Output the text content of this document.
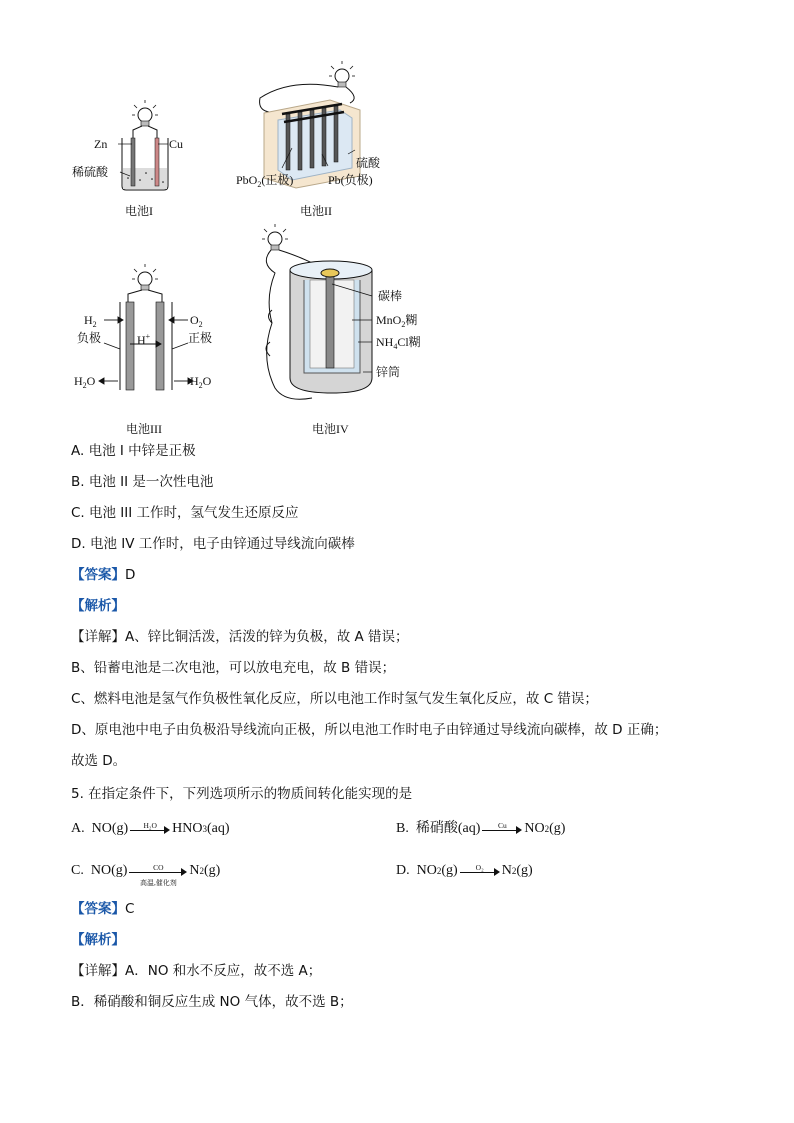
Zn	Cu
稀硫酸
电池I
硫酸
PbO$_2$(正极)	Pb(负极)
电池II
$H_2$	$O_2$
负极	正极
H+
$H_2O$	$H_2O$
电池III
碳棒
MnO$_2$糊
$NH_4Cl$糊
锌筒
电池IV
A. 电池 I 中锌是正极
B. 电池 II 是一次性电池
C. 电池 III 工作时，氢气发生还原反应
D. 电池 IV 工作时，电子由锌通过导线流向碳棒
【答案】D
【解析】
【详解】A、锌比铜活泼，活泼的锌为负极，故 A 错误；
B、铅蓄电池是二次电池，可以放电充电，故 B 错误；
C、燃料电池是氢气作负极性氧化反应，所以电池工作时氢气发生氧化反应，故 C 错误；
D、原电池中电子由负极沿导线流向正极，所以电池工作时电子由锌通过导线流向碳棒，故 D 正确；
故选 D。
5. 在指定条件下，下列选项所示的物质间转化能实现的是
A.
NO(g)	H₂O	HNO 3 (aq)	B.
稀硝酸(aq)	Cu	NO 2 (g)
C.
NO(g)	CO
高温,催化剂
N 2 (g)	D.
NO 2 (g)	O₂	N 2 (g)
【答案】C
【解析】
【详解】A．NO 和水不反应，故不选 A；
B．稀硝酸和铜反应生成 NO 气体，故不选 B；
